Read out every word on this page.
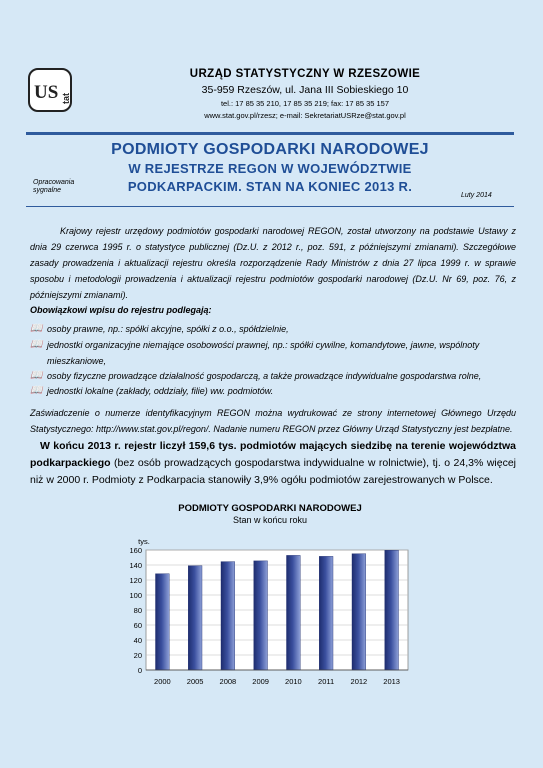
US tat
URZĄD STATYSTYCZNY W RZESZOWIE
35-959 Rzeszów, ul. Jana III Sobieskiego 10
tel.: 17 85 35 210, 17 85 35 219; fax: 17 85 35 157
www.stat.gov.pl/rzesz; e-mail: SekretariatUSRze@stat.gov.pl
PODMIOTY GOSPODARKI NARODOWEJ
W REJESTRZE REGON W WOJEWÓDZTWIE
PODKARPACKIM. STAN NA KONIEC 2013 R.
Opracowania sygnalne
Luty 2014
Krajowy rejestr urzędowy podmiotów gospodarki narodowej REGON, został utworzony na podstawie Ustawy z dnia 29 czerwca 1995 r. o statystyce publicznej (Dz.U. z 2012 r., poz. 591, z późniejszymi zmianami). Szczegółowe zasady prowadzenia i aktualizacji rejestru określa rozporządzenie Rady Ministrów z dnia 27 lipca 1999 r. w sprawie sposobu i metodologii prowadzenia i aktualizacji rejestru podmiotów gospodarki narodowej (Dz.U. Nr 69, poz. 76, z późniejszymi zmianami).
Obowiązkowi wpisu do rejestru podlegają:
📖 osoby prawne, np.: spółki akcyjne, spółki z o.o., spółdzielnie,
📖 jednostki organizacyjne niemające osobowości prawnej, np.: spółki cywilne, komandytowe, jawne, wspólnoty mieszkaniowe,
📖 osoby fizyczne prowadzące działalność gospodarczą, a także prowadzące indywidualne gospodarstwa rolne,
📖 jednostki lokalne (zakłady, oddziały, filie) ww. podmiotów.
Zaświadczenie o numerze identyfikacyjnym REGON można wydrukować ze strony internetowej Głównego Urzędu Statystycznego: http://www.stat.gov.pl/regon/. Nadanie numeru REGON przez Główny Urząd Statystyczny jest bezpłatne.
W końcu 2013 r. rejestr liczył 159,6 tys. podmiotów mających siedzibę na terenie województwa podkarpackiego (bez osób prowadzących gospodarstwa indywidualne w rolnictwie), tj. o 24,3% więcej niż w 2000 r. Podmioty z Podkarpacia stanowiły 3,9% ogółu podmiotów zarejestrowanych w Polsce.
PODMIOTY GOSPODARKI NARODOWEJ
Stan w końcu roku
0
20
40
60
80
100
120
140
160
tys.
2000 2005 2008 2009 2010 2011 2012 2013
